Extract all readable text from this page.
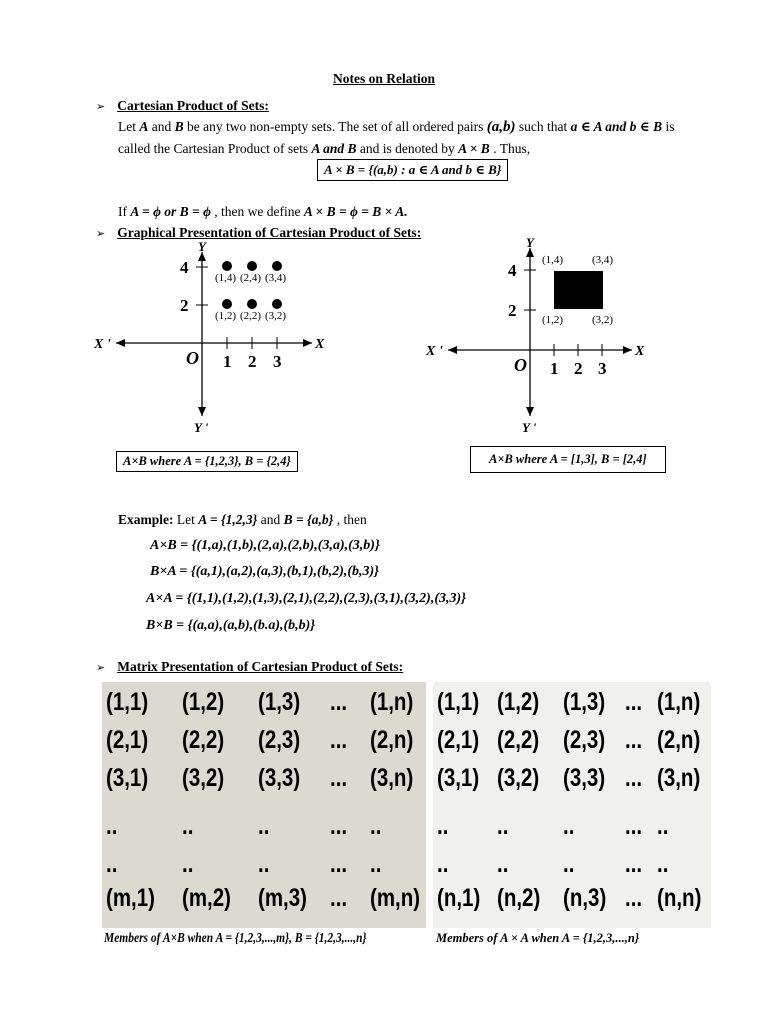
Notes on Relation
➢ Cartesian Product of Sets:
Let A and B be any two non-empty sets. The set of all ordered pairs (a,b) such that a ∈ A and b ∈ B is
called the Cartesian Product of sets A and B and is denoted by A × B . Thus,
A × B = {(a,b) : a ∈ A and b ∈ B}
If A = ϕ or B = ϕ , then we define A × B = ϕ = B × A.
➢ Graphical Presentation of Cartesian Product of Sets:
X
X '
Y
Y '
O 1 2 3
2
4
(1,4) (2,4) (3,4)
(1,2) (2,2) (3,2)
X
X '
Y
Y '
O 1 2 3
2
4
(1,4)	(3,4)
(1,2)	(3,2)
A×B where A = {1,2,3}, B = {2,4}	A×B where A = [1,3], B = [2,4]
Example: Let A = {1,2,3} and B = {a,b} , then
A×B = {(1,a),(1,b),(2,a),(2,b),(3,a),(3,b)}
B×A = {(a,1),(a,2),(a,3),(b,1),(b,2),(b,3)}
A×A = {(1,1),(1,2),(1,3),(2,1),(2,2),(2,3),(3,1),(3,2),(3,3)}
B×B = {(a,a),(a,b),(b.a),(b,b)}
➢ Matrix Presentation of Cartesian Product of Sets:
(1,1) (1,2) (1,3) ... (1,n)
(2,1) (2,2) (2,3) ... (2,n)
(3,1) (3,2) (3,3) ... (3,n)
..	..	.. ... ..
..	..	.. ... ..
(m,1) (m,2) (m,3) ... (m,n)
(1,1) (1,2) (1,3) ... (1,n)
(2,1) (2,2) (2,3) ... (2,n)
(3,1) (3,2) (3,3) ... (3,n)
.. .. .. ... ..
.. .. .. ... ..
(n,1) (n,2) (n,3) ... (n,n)
Members of A×B when A = {1,2,3,...,m}, B = {1,2,3,...,n}	Members of A × A when A = {1,2,3,...,n}
